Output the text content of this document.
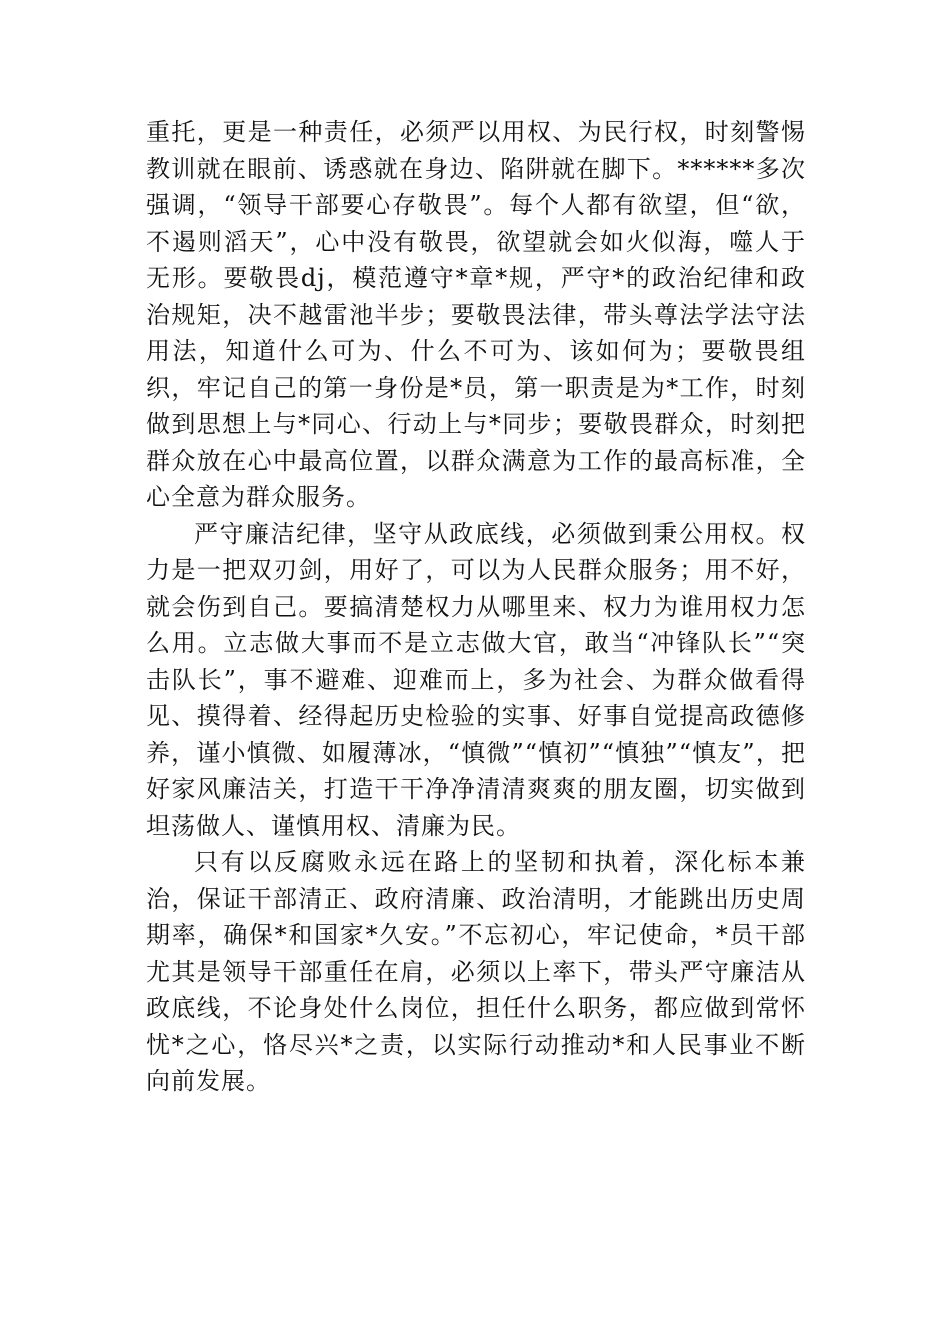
重托，更是一种责任，必须严以用权、为民行权，时刻警惕教训就在眼前、诱惑就在身边、陷阱就在脚下。******多次强调，“领导干部要心存敬畏”。每个人都有欲望，但“欲，不遏则滔天”，心中没有敬畏，欲望就会如火似海，噬人于无形。要敬畏dj，模范遵守*章*规，严守*的政治纪律和政治规矩，决不越雷池半步；要敬畏法律，带头尊法学法守法用法，知道什么可为、什么不可为、该如何为；要敬畏组织，牢记自己的第一身份是*员，第一职责是为*工作，时刻做到思想上与*同心、行动上与*同步；要敬畏群众，时刻把群众放在心中最高位置，以群众满意为工作的最高标准，全心全意为群众服务。

严守廉洁纪律，坚守从政底线，必须做到秉公用权。权力是一把双刃剑，用好了，可以为人民群众服务；用不好，就会伤到自己。要搞清楚权力从哪里来、权力为谁用权力怎么用。立志做大事而不是立志做大官，敢当“冲锋队长”“突击队长”，事不避难、迎难而上，多为社会、为群众做看得见、摸得着、经得起历史检验的实事、好事自觉提高政德修养，谨小慎微、如履薄冰，“慎微”“慎初”“慎独”“慎友”，把好家风廉洁关，打造干干净净清清爽爽的朋友圈，切实做到坦荡做人、谨慎用权、清廉为民。

只有以反腐败永远在路上的坚韧和执着，深化标本兼治，保证干部清正、政府清廉、政治清明，才能跳出历史周期率，确保*和国家*久安。”不忘初心，牢记使命，*员干部尤其是领导干部重任在肩，必须以上率下，带头严守廉洁从政底线，不论身处什么岗位，担任什么职务，都应做到常怀忧*之心，恪尽兴*之责，以实际行动推动*和人民事业不断向前发展。
